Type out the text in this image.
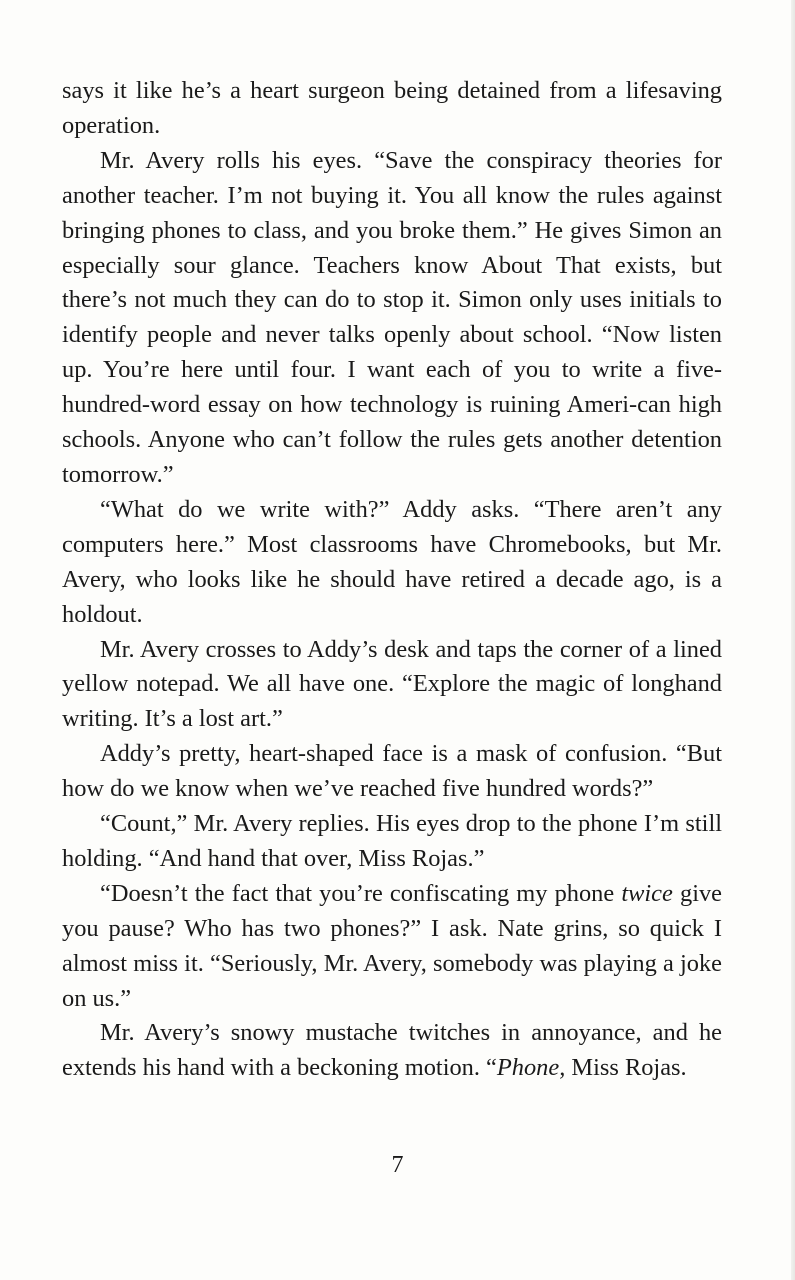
says it like he’s a heart surgeon being detained from a lifesaving operation.

Mr. Avery rolls his eyes. “Save the conspiracy theories for another teacher. I’m not buying it. You all know the rules against bringing phones to class, and you broke them.” He gives Simon an especially sour glance. Teachers know About That exists, but there’s not much they can do to stop it. Simon only uses initials to identify people and never talks openly about school. “Now listen up. You’re here until four. I want each of you to write a five-hundred-word essay on how technology is ruining Ameri-can high schools. Anyone who can’t follow the rules gets another detention tomorrow.”

“What do we write with?” Addy asks. “There aren’t any computers here.” Most classrooms have Chromebooks, but Mr. Avery, who looks like he should have retired a decade ago, is a holdout.

Mr. Avery crosses to Addy’s desk and taps the corner of a lined yellow notepad. We all have one. “Explore the magic of longhand writing. It’s a lost art.”

Addy’s pretty, heart-shaped face is a mask of confusion. “But how do we know when we’ve reached five hundred words?”

“Count,” Mr. Avery replies. His eyes drop to the phone I’m still holding. “And hand that over, Miss Rojas.”

“Doesn’t the fact that you’re confiscating my phone twice give you pause? Who has two phones?” I ask. Nate grins, so quick I almost miss it. “Seriously, Mr. Avery, somebody was playing a joke on us.”

Mr. Avery’s snowy mustache twitches in annoyance, and he extends his hand with a beckoning motion. “Phone, Miss Rojas.

7
